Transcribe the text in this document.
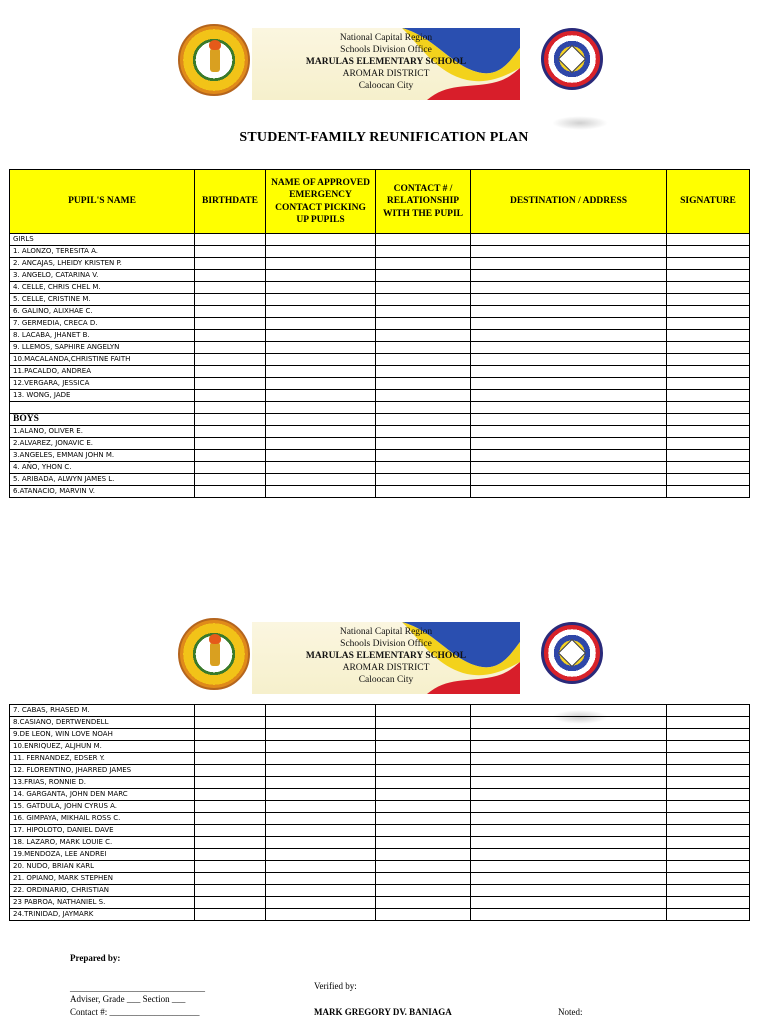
National Capital Region
Schools Division Office
MARULAS ELEMENTARY SCHOOL
AROMAR DISTRICT
Caloocan City
STUDENT-FAMILY REUNIFICATION PLAN
PUPIL'S NAME	BIRTHDATE	NAME OF APPROVED EMERGENCY CONTACT PICKING UP PUPILS	CONTACT # / RELATIONSHIP WITH THE PUPIL	DESTINATION / ADDRESS	SIGNATURE
GIRLS					
1. ALONZO, TERESITA A.					
2. ANCAJAS, LHEIDY KRISTEN P.					
3. ANGELO, CATARINA V.					
4. CELLE, CHRIS CHEL M.					
5. CELLE, CRISTINE M.					
6. GALINO, ALIXHAE C.					
7. GERMEDIA, CRECA D.					
8. LACABA, JHANET B.					
9. LLEMOS, SAPHIRE ANGELYN					
10.MACALANDA,CHRISTINE FAITH					
11.PACALDO, ANDREA					
12.VERGARA, JESSICA					
13. WONG, JADE					

BOYS					
1.ALANO, OLIVER E.					
2.ALVAREZ, JONAVIC E.					
3.ANGELES, EMMAN JOHN M.					
4. AÑO, YHON C.					
5. ARIBADA, ALWYN JAMES L.					
6.ATANACIO, MARVIN V.					
National Capital Region
Schools Division Office
MARULAS ELEMENTARY SCHOOL
AROMAR DISTRICT
Caloocan City
7. CABAS, RHASED M.					
8.CASIANO, DERTWENDELL					
9.DE LEON, WIN LOVE NOAH					
10.ENRIQUEZ, ALJHUN M.					
11. FERNANDEZ, EDSER Y.					
12. FLORENTINO, JHARRED JAMES					
13.FRIAS, RONNIE D.					
14. GARGANTA, JOHN DEN MARC					
15. GATDULA, JOHN CYRUS A.					
16. GIMPAYA, MIKHAIL ROSS C.					
17. HIPOLOTO, DANIEL DAVE					
18. LAZARO, MARK LOUIE C.					
19.MENDOZA, LEE ANDREI					
20. NUDO, BRIAN KARL					
21. OPIANO, MARK STEPHEN					
22. ORDINARIO, CHRISTIAN					
23 PABROA, NATHANIEL S.					
24.TRINIDAD, JAYMARK					
Prepared by:
______________________________
Adviser, Grade ___ Section ___
Contact #: ____________________
Verified by:
MARK GREGORY DV. BANIAGA	Noted:
